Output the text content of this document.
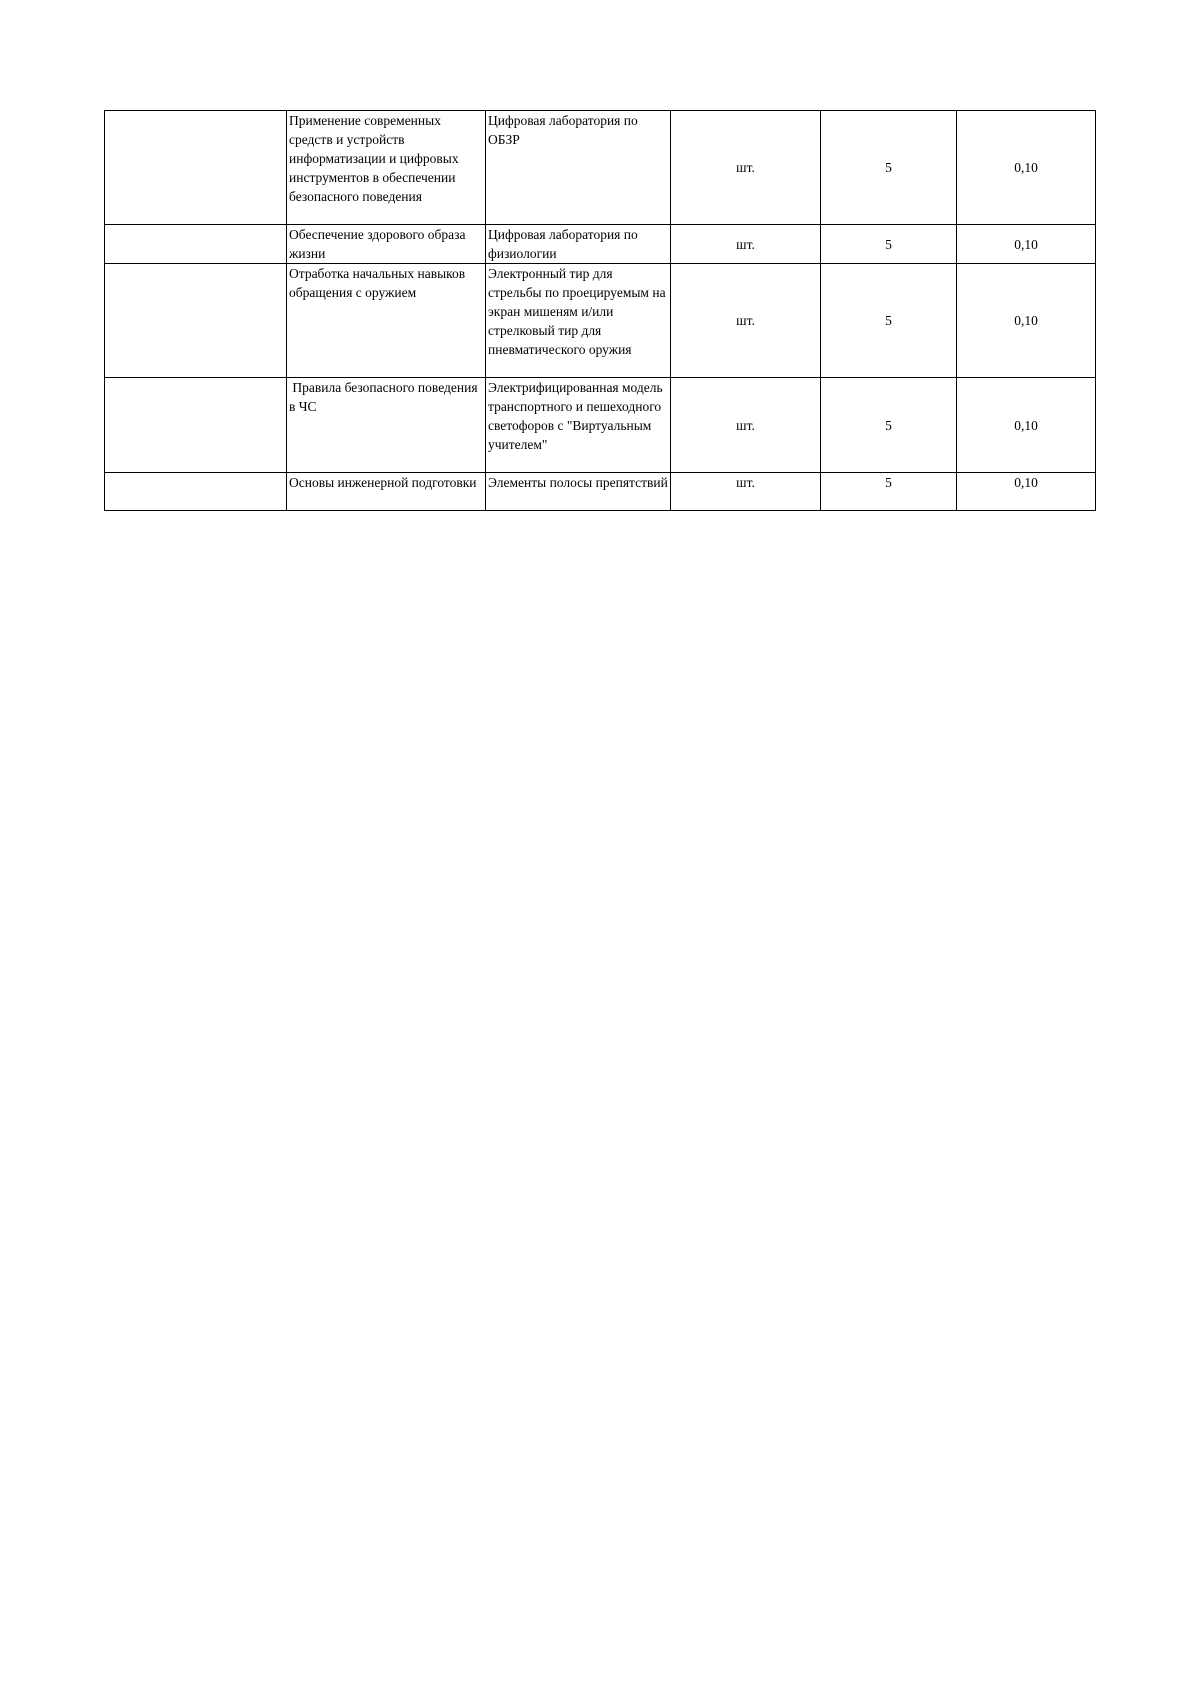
	Применение современных средств и устройств информатизации и цифровых инструментов в обеспечении безопасного поведения	Цифровая лаборатория по ОБЗР	шт.	5	0,10
	Обеспечение здорового образа жизни	Цифровая лаборатория по физиологии	шт.	5	0,10
	Отработка начальных навыков обращения с оружием	Электронный тир для стрельбы по проецируемым на экран мишеням и/или стрелковый тир для пневматического оружия	шт.	5	0,10
	Правила безопасного поведения в ЧС	Электрифицированная модель транспортного и пешеходного светофоров с "Виртуальным учителем"	шт.	5	0,10
	Основы инженерной подготовки	Элементы полосы препятствий	шт.	5	0,10
